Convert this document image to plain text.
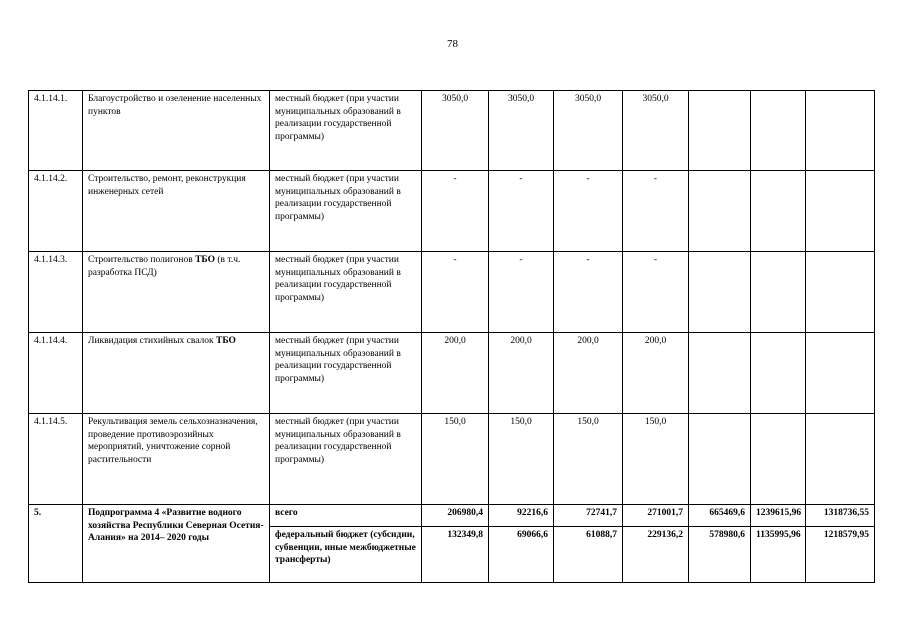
78
4.1.14.1.	Благоустройство и озеленение населенных пунктов	местный бюджет (при участии муниципальных образований в реализации государственной программы)	3050,0	3050,0	3050,0	3050,0			
4.1.14.2.	Строительство, ремонт, реконструкция инженерных сетей	местный бюджет (при участии муниципальных образований в реализации государственной программы)	-	-	-	-			
4.1.14.3.	Строительство полигонов ТБО (в т.ч. разработка ПСД)	местный бюджет (при участии муниципальных образований в реализации государственной программы)	-	-	-	-			
4.1.14.4.	Ликвидация стихийных свалок ТБО	местный бюджет (при участии муниципальных образований в реализации государственной программы)	200,0	200,0	200,0	200,0			
4.1.14.5.	Рекультивация земель сельхозназначения, проведение противоэрозийных мероприятий, уничтожение сорной растительности	местный бюджет (при участии муниципальных образований в реализации государственной программы)	150,0	150,0	150,0	150,0			
5.	Подпрограмма 4 «Развитие водного хозяйства Республики Северная Осетия-Алания» на 2014– 2020 годы	всего	206980,4	92216,6	72741,7	271001,7	665469,6	1239615,96	1318736,55
		федеральный бюджет (субсидии, субвенции, иные межбюджетные трансферты)	132349,8	69066,6	61088,7	229136,2	578980,6	1135995,96	1218579,95
